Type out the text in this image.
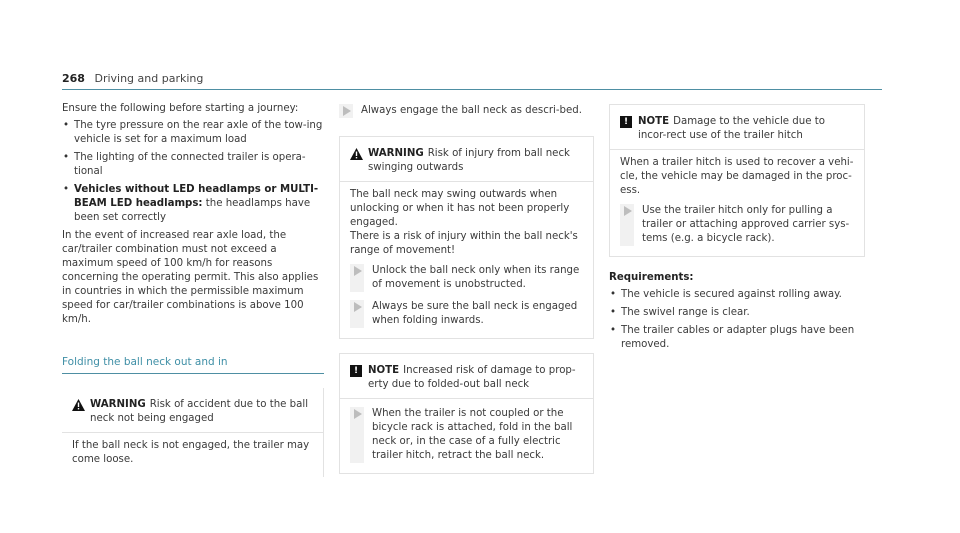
268 Driving and parking

Ensure the following before starting a journey:

• The tyre pressure on the rear axle of the tow-ing vehicle is set for a maximum load
• The lighting of the connected trailer is opera-tional
• Vehicles without LED headlamps or MULTI-BEAM LED headlamps: the headlamps have been set correctly

In the event of increased rear axle load, the car/trailer combination must not exceed a maximum speed of 100 km/h for reasons concerning the operating permit. This also applies in countries in which the permissible maximum speed for car/trailer combinations is above 100 km/h.

Folding the ball neck out and in
WARNING Risk of accident due to the ball neck not being engaged
If the ball neck is not engaged, the trailer may come loose.
Always engage the ball neck as descri-bed.
WARNING Risk of injury from ball neck swinging outwards

The ball neck may swing outwards when unlocking or when it has not been properly engaged.

There is a risk of injury within the ball neck's range of movement!

Unlock the ball neck only when its range of movement is unobstructed.
Always be sure the ball neck is engaged when folding inwards.
! NOTE Increased risk of damage to prop-erty due to folded-out ball neck
When the trailer is not coupled or the bicycle rack is attached, fold in the ball neck or, in the case of a fully electric trailer hitch, retract the ball neck.
! NOTE Damage to the vehicle due to incor-rect use of the trailer hitch

When a trailer hitch is used to recover a vehi-cle, the vehicle may be damaged in the proc-ess.

Use the trailer hitch only for pulling a trailer or attaching approved carrier sys-tems (e.g. a bicycle rack).
Requirements:
• The vehicle is secured against rolling away.
• The swivel range is clear.
• The trailer cables or adapter plugs have been removed.
